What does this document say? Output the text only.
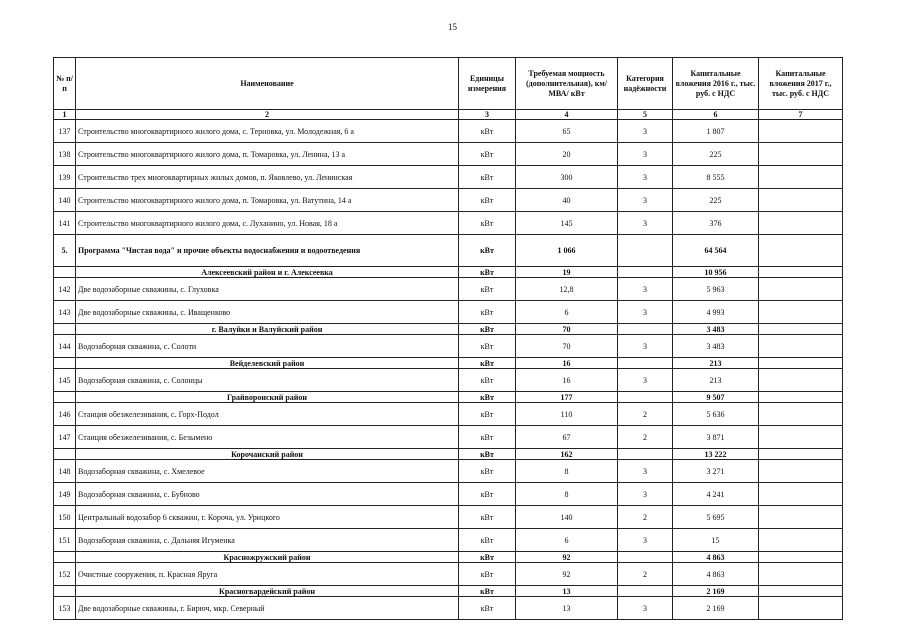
15
№ п/п	Наименование	Единицы измерения	Требуемая мощность (дополнительная), км/ МВА/ кВт	Категория надёжности	Капитальные вложения 2016 г., тыс. руб. с НДС	Капитальные вложения 2017 г., тыс. руб. с НДС
1	2	3	4	5	6	7
137	Строительство многоквартирного жилого дома, с. Терновка, ул. Молодежная, 6 а	кВт	65	3	1 807	
138	Строительство многоквартирного жилого дома, п. Томаровка, ул. Ленина, 13 а	кВт	20	3	225	
139	Строительство трех многоквартирных жилых домов, п. Яковлево, ул. Ленинская	кВт	300	3	8 555	
140	Строительство многоквартирного жилого дома, п. Томаровка, ул. Ватутина, 14 а	кВт	40	3	225	
141	Строительство многоквартирного жилого дома, с. Луханино, ул. Новая, 18 а	кВт	145	3	376	
5.	Программа "Чистая вода" и прочие объекты водоснабжения и водоотведения	кВт	1 066		64 564	
	Алексеевский район и г. Алексеевка	кВт	19		10 956	
142	Две водозаборные скважины, с. Глуховка	кВт	12,8	3	5 963	
143	Две водозаборные скважины, с. Иващенково	кВт	6	3	4 993	
	г. Валуйки и Валуйский район	кВт	70		3 483	
144	Водозаборная скважина, с. Солоти	кВт	70	3	3 483	
	Вейделевский район	кВт	16		213	
145	Водозаборная скважина, с. Солонцы	кВт	16	3	213	
	Грайворонский район	кВт	177		9 507	
146	Станция обезжелезивания, с. Горх-Подол	кВт	110	2	5 636	
147	Станция обезжелезивания, с. Безымено	кВт	67	2	3 871	
	Корочанский район	кВт	162		13 222	
148	Водозаборная скважина, с. Хмелевое	кВт	8	3	3 271	
149	Водозаборная скважина, с. Бубново	кВт	8	3	4 241	
150	Центральный водозабор 6 скважин, г. Короча, ул. Урицкого	кВт	140	2	5 695	
151	Водозаборная скважина, с. Дальняя Игуменка	кВт	6	3	15	
	Красножружский район	кВт	92		4 863	
152	Очистные сооружения, п. Красная Яруга	кВт	92	2	4 863	
	Красногвардейский район	кВт	13		2 169	
153	Две водозаборные скважины, г. Бирюч, мкр. Северный	кВт	13	3	2 169	
